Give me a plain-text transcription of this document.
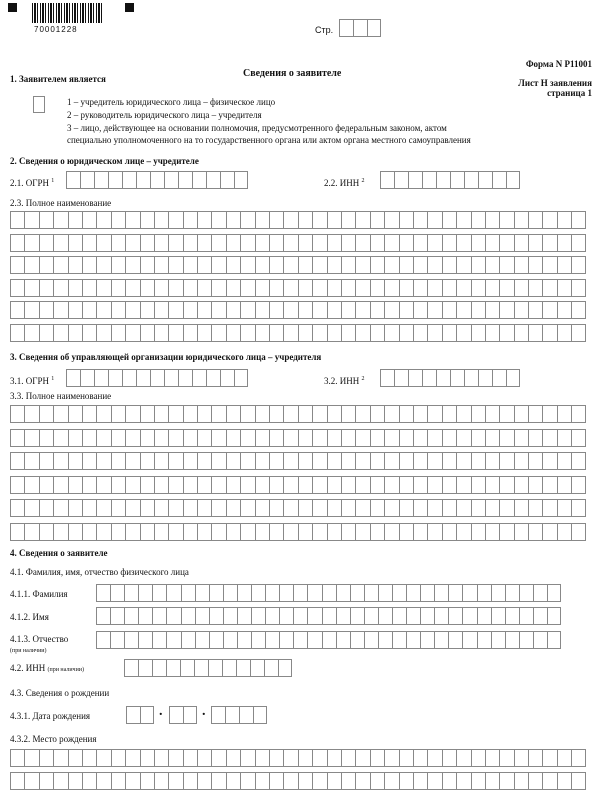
70001228	Стр.
Форма N Р11001
Лист Н заявления
страница 1
Сведения о заявителе
1. Заявителем является
1 – учредитель юридического лица – физическое лицо
2 – руководитель юридического лица – учредителя
3 – лицо, действующее на основании полномочия, предусмотренного федеральным законом, актом
специально уполномоченного на то государственного органа или актом органа местного самоуправления
2. Сведения о юридическом лице – учредителе
2.1. ОГРН $^1$	2.2. ИНН $^2$
2.3. Полное наименование
3. Сведения об управляющей организации юридического лица – учредителя
3.1. ОГРН $^1$	3.2. ИНН $^2$
3.3. Полное наименование
4. Сведения о заявителе
4.1. Фамилия, имя, отчество физического лица
4.1.1. Фамилия
4.1.2. Имя
4.1.3. Отчество
(при наличии)
4.2. ИНН (при наличии)
4.3. Сведения о рождении
4.3.1. Дата рождения	.	.
4.3.2. Место рождения
